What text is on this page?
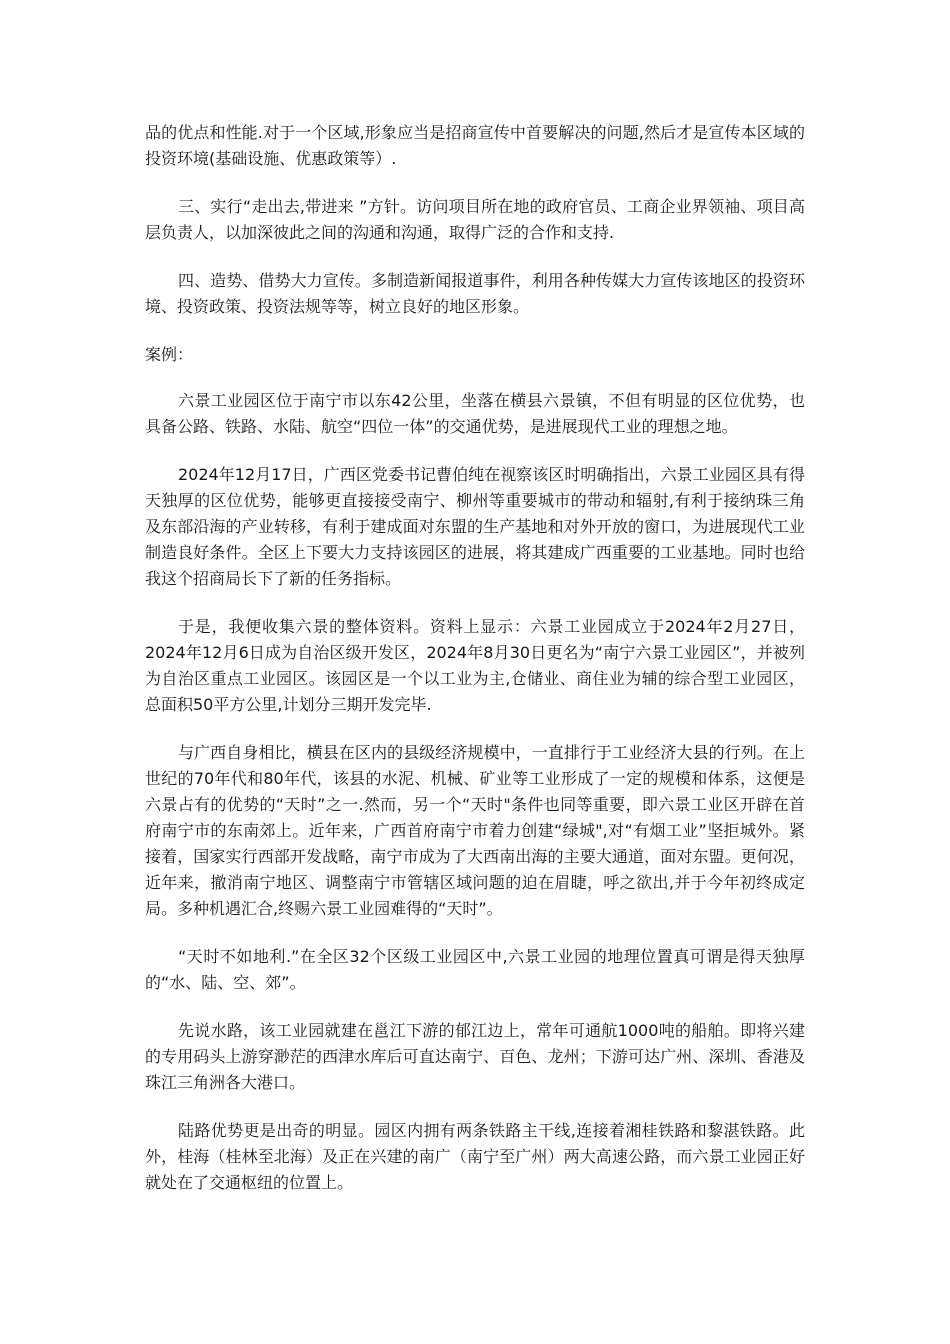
品的优点和性能.对于一个区域,形象应当是招商宣传中首要解决的问题,然后才是宣传本区域的投资环境(基础设施、优惠政策等）.

三、实行“走出去,带进来 ”方针。访问项目所在地的政府官员、工商企业界领袖、项目高层负责人，以加深彼此之间的沟通和沟通，取得广泛的合作和支持.

四、造势、借势大力宣传。多制造新闻报道事件，利用各种传媒大力宣传该地区的投资环境、投资政策、投资法规等等，树立良好的地区形象。

案例：

六景工业园区位于南宁市以东42公里，坐落在横县六景镇，不但有明显的区位优势，也具备公路、铁路、水陆、航空“四位一体”的交通优势，是进展现代工业的理想之地。

2024年12月17日，广西区党委书记曹伯纯在视察该区时明确指出，六景工业园区具有得天独厚的区位优势，能够更直接接受南宁、柳州等重要城市的带动和辐射,有利于接纳珠三角及东部沿海的产业转移，有利于建成面对东盟的生产基地和对外开放的窗口，为进展现代工业制造良好条件。全区上下要大力支持该园区的进展，将其建成广西重要的工业基地。同时也给我这个招商局长下了新的任务指标。

于是，我便收集六景的整体资料。资料上显示：六景工业园成立于2024年2月27日，2024年12月6日成为自治区级开发区，2024年8月30日更名为“南宁六景工业园区”，并被列为自治区重点工业园区。该园区是一个以工业为主,仓储业、商住业为辅的综合型工业园区，总面积50平方公里,计划分三期开发完毕.

与广西自身相比，横县在区内的县级经济规模中，一直排行于工业经济大县的行列。在上世纪的70年代和80年代，该县的水泥、机械、矿业等工业形成了一定的规模和体系，这便是六景占有的优势的“天时”之一.然而，另一个“天时"条件也同等重要，即六景工业区开辟在首府南宁市的东南郊上。近年来，广西首府南宁市着力创建“绿城",对“有烟工业”坚拒城外。紧接着，国家实行西部开发战略，南宁市成为了大西南出海的主要大通道，面对东盟。更何况，近年来，撤消南宁地区、调整南宁市管辖区域问题的迫在眉睫，呼之欲出,并于今年初终成定局。多种机遇汇合,终赐六景工业园难得的“天时”。

“天时不如地利.”在全区32个区级工业园区中,六景工业园的地理位置真可谓是得天独厚的“水、陆、空、郊”。

先说水路，该工业园就建在邕江下游的郁江边上，常年可通航1000吨的船舶。即将兴建的专用码头上游穿渺茫的西津水库后可直达南宁、百色、龙州；下游可达广州、深圳、香港及珠江三角洲各大港口。

陆路优势更是出奇的明显。园区内拥有两条铁路主干线,连接着湘桂铁路和黎湛铁路。此外，桂海（桂林至北海）及正在兴建的南广（南宁至广州）两大高速公路，而六景工业园正好就处在了交通枢纽的位置上。
